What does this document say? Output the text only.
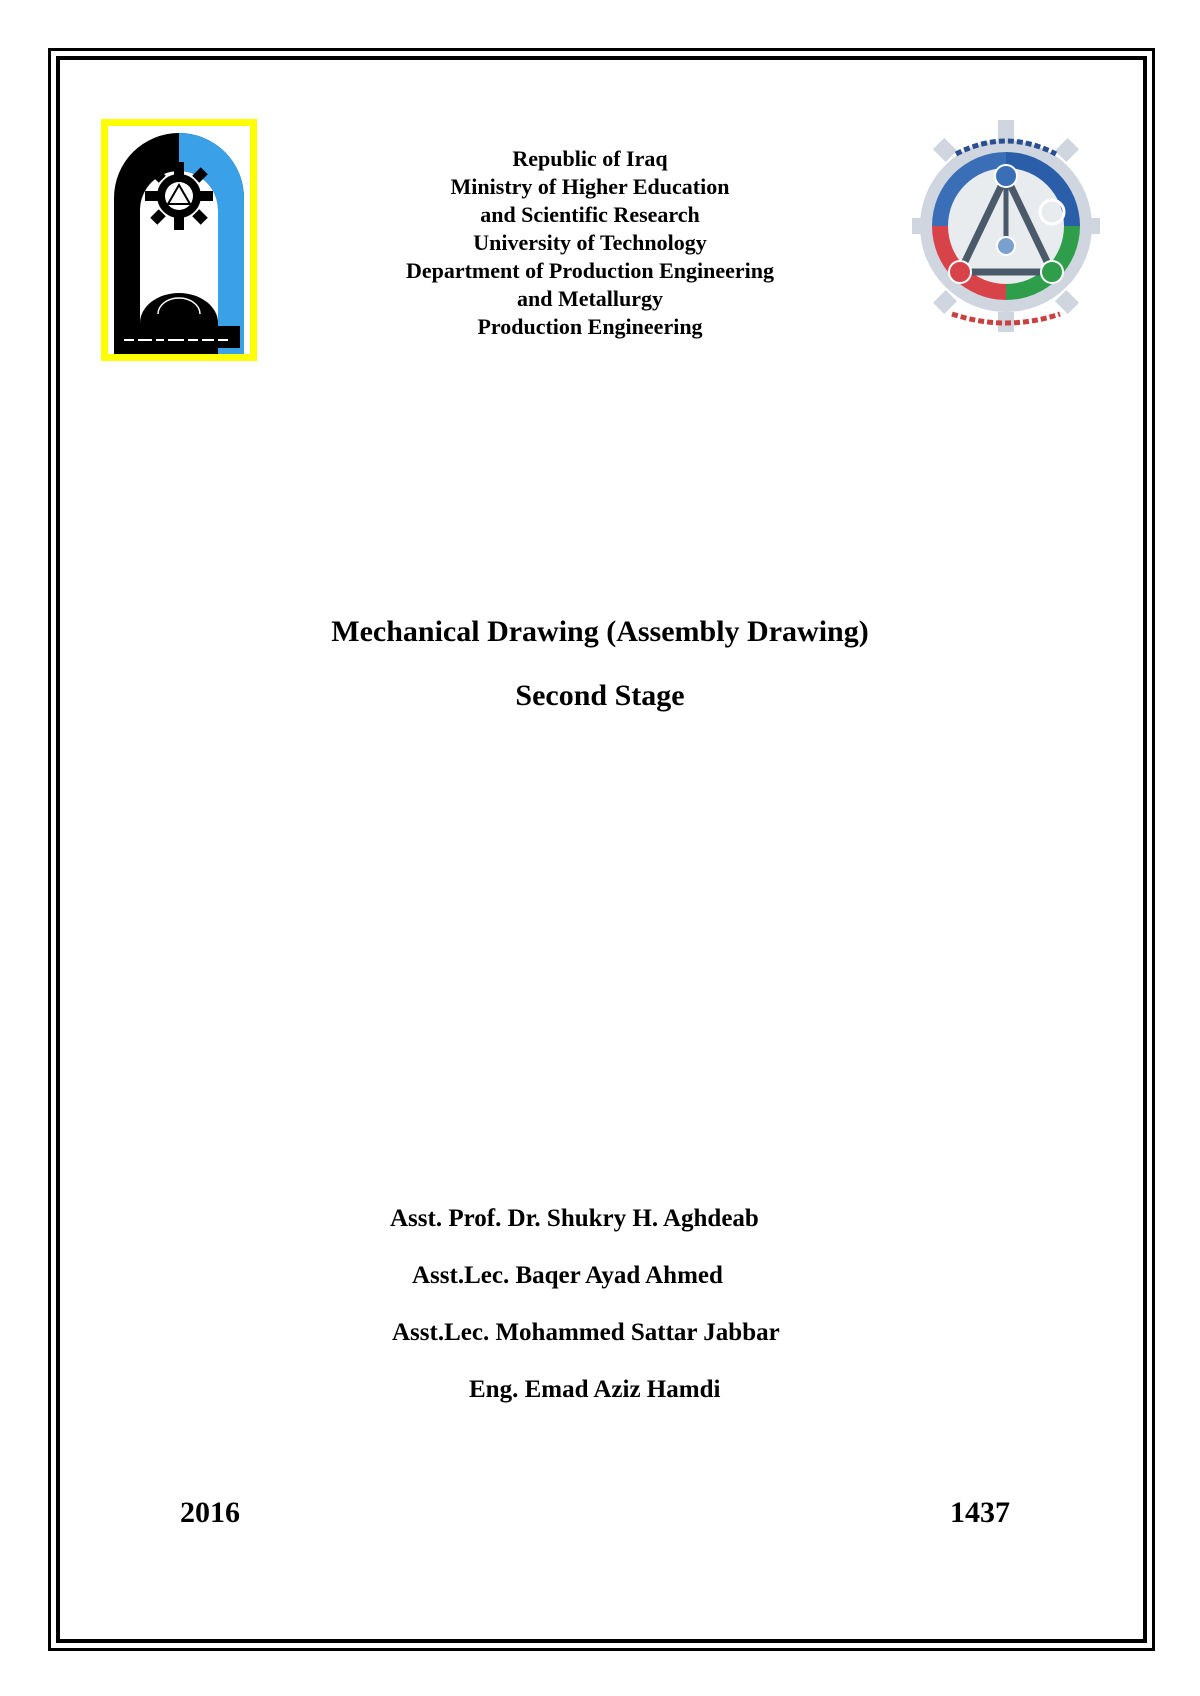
Republic of Iraq
Ministry of Higher Education
and Scientific Research
University of Technology
Department of Production Engineering
and Metallurgy
Production Engineering
Mechanical Drawing (Assembly Drawing)
Second Stage
Asst. Prof. Dr. Shukry H. Aghdeab
Asst.Lec. Baqer Ayad Ahmed
Asst.Lec. Mohammed Sattar Jabbar
Eng. Emad Aziz Hamdi
2016	1437
